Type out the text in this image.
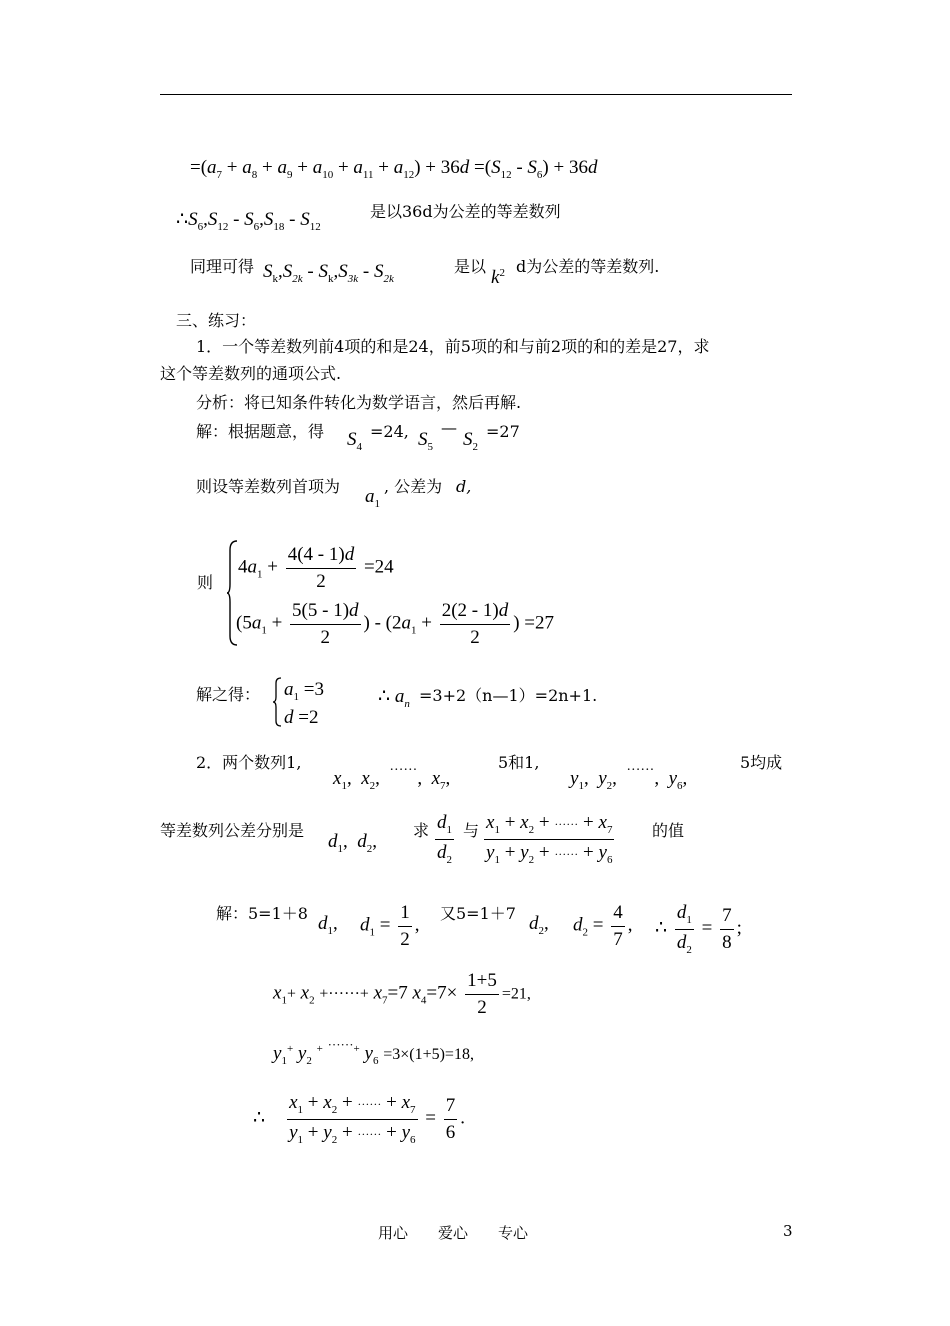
$=(a_7 + a_8 + a_9 + a_{10} + a_{11} + a_{12}) + 36d =(S_{12} - S_6) + 36d$
$\therefore S_6,S_{12} - S_6,S_{18} - S_{12}$
是以36d为公差的等差数列
同理可得 $S_k,S_{2k} - S_k,S_{3k} - S_{2k}$
是以
$k^2$ d为公差的等差数列.
三、练习：
1．一个等差数列前4项的和是24，前5项的和与前2项的和的差是27，求
这个等差数列的通项公式.
分析：将已知条件转化为数学语言，然后再解.
解：根据题意，得 $S_4$
=24, $S_5$
—
$S_2$
=27
则设等差数列首项为 $a_1$
, 公差为 d,
则
$4a_1 + \frac{4(4 - 1)d}{2} =24$
($5a_1 + \frac{5(5 - 1)d}{2}$ ) - ($2a_1 + \frac{2(2 - 1)d}{2}$ ) =27
解之得： $a_1 =3$
d =2
∴ $a_n$ =3+2（n—1）=2n+1.
2．两个数列1,
$x_1$,  $x_2$,  ······,  $x_7$,
5和1,
$y_1$,  $y_2$,  ······,  $y_6$,
5均成
等差数列公差分别是
$d_1$,  $d_2$,
求 $\frac{d_1}{d_2}$ 与 $\frac{x_1 + x_2 + \cdot\cdot\cdot\cdot\cdot\cdot + x_7}{y_1 + y_2 + \cdot\cdot\cdot\cdot\cdot\cdot + y_6}$ 的值
解：5=1＋8 $d_1$, $d_1 = \frac{1}{2}$ ,
又5=1＋7 $d_2$, $d_2 = \frac{4}{7}$ , ∴ $\frac{d_1}{d_2} = \frac{7}{8}$ ;
$x_1+ x_2$ +······+ $x_7=7$ $x_4=7\times \frac{1+5}{2} =21$,
$y_1^+$ $y_2$ + ······+ $y_6 =3\times(1+5)=18$,
∴ $\frac{x_1 + x_2 + \cdot\cdot\cdot\cdot\cdot\cdot + x_7}{y_1 + y_2 + \cdot\cdot\cdot\cdot\cdot\cdot + y_6} = \frac{7}{6}$ .
用心　　爱心　　专心	3
